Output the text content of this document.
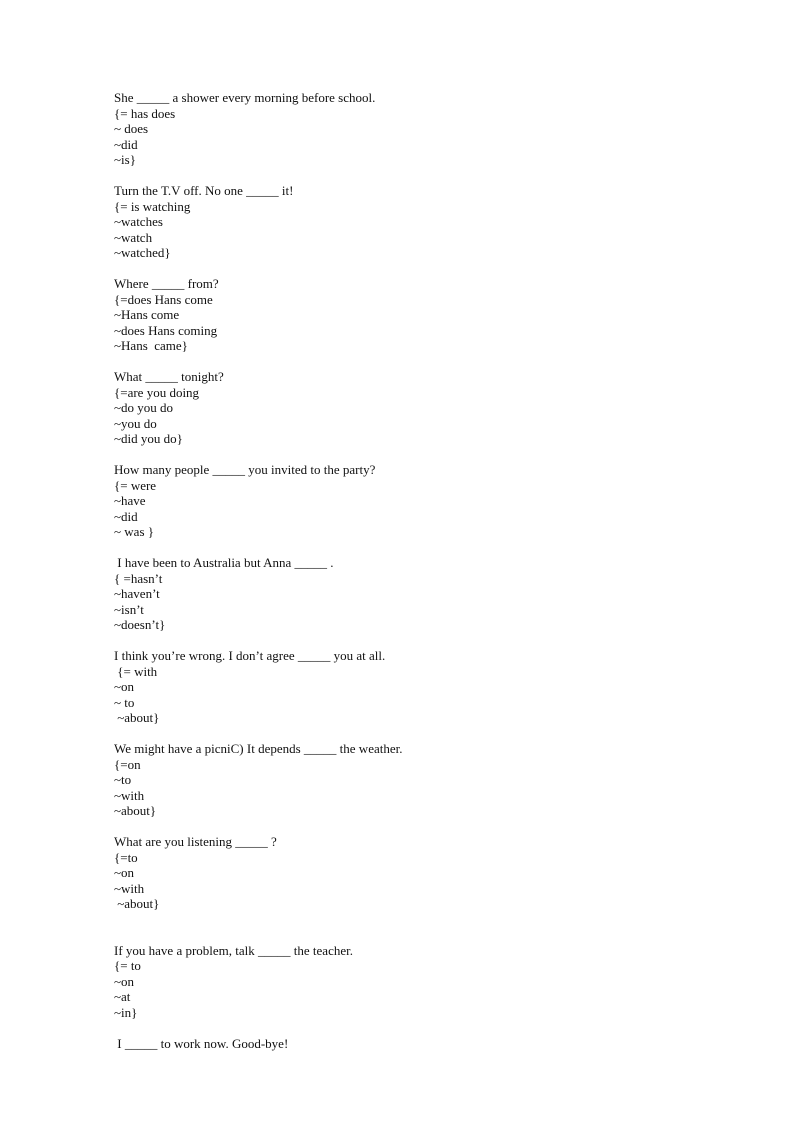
She _____ a shower every morning before school.
{= has does
~ does
~did
~is}
Turn the T.V off. No one _____ it!
{= is watching
~watches
~watch
~watched}
Where _____ from?
{=does Hans come
~Hans come
~does Hans coming
~Hans  came}
What _____ tonight?
{=are you doing
~do you do
~you do
~did you do}
How many people _____ you invited to the party?
{= were
~have
~did
~ was }
I have been to Australia but Anna _____ .
{ =hasn’t
~haven’t
~isn’t
~doesn’t}
I think you’re wrong. I don’t agree _____ you at all.
{= with
~on
~ to
~about}
We might have a picniC) It depends _____ the weather.
{=on
~to
~with
~about}
What are you listening _____ ?
{=to
~on
~with
~about}
If you have a problem, talk _____ the teacher.
{= to
~on
~at
~in}
I _____ to work now. Good-bye!
